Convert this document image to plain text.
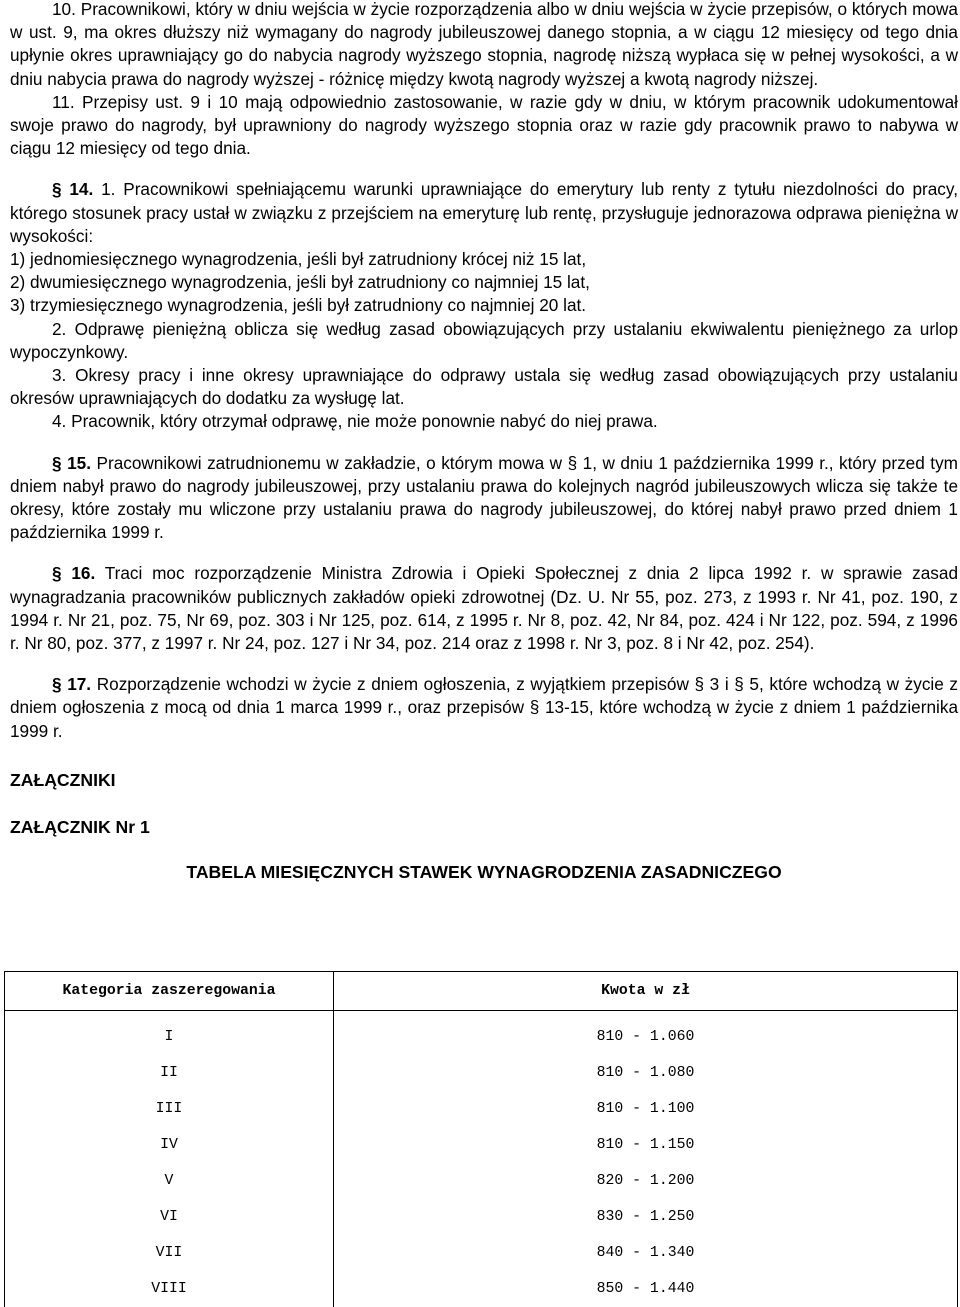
10. Pracownikowi, który w dniu wejścia w życie rozporządzenia albo w dniu wejścia w życie przepisów, o których mowa w ust. 9, ma okres dłuższy niż wymagany do nagrody jubileuszowej danego stopnia, a w ciągu 12 miesięcy od tego dnia upłynie okres uprawniający go do nabycia nagrody wyższego stopnia, nagrodę niższą wypłaca się w pełnej wysokości, a w dniu nabycia prawa do nagrody wyższej - różnicę między kwotą nagrody wyższej a kwotą nagrody niższej.

11. Przepisy ust. 9 i 10 mają odpowiednio zastosowanie, w razie gdy w dniu, w którym pracownik udokumentował swoje prawo do nagrody, był uprawniony do nagrody wyższego stopnia oraz w razie gdy pracownik prawo to nabywa w ciągu 12 miesięcy od tego dnia.

§ 14. 1. Pracownikowi spełniającemu warunki uprawniające do emerytury lub renty z tytułu niezdolności do pracy, którego stosunek pracy ustał w związku z przejściem na emeryturę lub rentę, przysługuje jednorazowa odprawa pieniężna w wysokości:

1) jednomiesięcznego wynagrodzenia, jeśli był zatrudniony krócej niż 15 lat,

2) dwumiesięcznego wynagrodzenia, jeśli był zatrudniony co najmniej 15 lat,

3) trzymiesięcznego wynagrodzenia, jeśli był zatrudniony co najmniej 20 lat.

2. Odprawę pieniężną oblicza się według zasad obowiązujących przy ustalaniu ekwiwalentu pieniężnego za urlop wypoczynkowy.

3. Okresy pracy i inne okresy uprawniające do odprawy ustala się według zasad obowiązujących przy ustalaniu okresów uprawniających do dodatku za wysługę lat.

4. Pracownik, który otrzymał odprawę, nie może ponownie nabyć do niej prawa.

§ 15. Pracownikowi zatrudnionemu w zakładzie, o którym mowa w § 1, w dniu 1 października 1999 r., który przed tym dniem nabył prawo do nagrody jubileuszowej, przy ustalaniu prawa do kolejnych nagród jubileuszowych wlicza się także te okresy, które zostały mu wliczone przy ustalaniu prawa do nagrody jubileuszowej, do której nabył prawo przed dniem 1 października 1999 r.

§ 16. Traci moc rozporządzenie Ministra Zdrowia i Opieki Społecznej z dnia 2 lipca 1992 r. w sprawie zasad wynagradzania pracowników publicznych zakładów opieki zdrowotnej (Dz. U. Nr 55, poz. 273, z 1993 r. Nr 41, poz. 190, z 1994 r. Nr 21, poz. 75, Nr 69, poz. 303 i Nr 125, poz. 614, z 1995 r. Nr 8, poz. 42, Nr 84, poz. 424 i Nr 122, poz. 594, z 1996 r. Nr 80, poz. 377, z 1997 r. Nr 24, poz. 127 i Nr 34, poz. 214 oraz z 1998 r. Nr 3, poz. 8 i Nr 42, poz. 254).

§ 17. Rozporządzenie wchodzi w życie z dniem ogłoszenia, z wyjątkiem przepisów § 3 i § 5, które wchodzą w życie z dniem ogłoszenia z mocą od dnia 1 marca 1999 r., oraz przepisów § 13-15, które wchodzą w życie z dniem 1 października 1999 r.

ZAŁĄCZNIKI

ZAŁĄCZNIK Nr 1

TABELA MIESIĘCZNYCH STAWEK WYNAGRODZENIA ZASADNICZEGO

Kategoria zaszeregowania	Kwota w zł

I	810 - 1.060
II	810 - 1.080
III	810 - 1.100
IV	810 - 1.150
V	820 - 1.200
VI	830 - 1.250
VII	840 - 1.340
VIII	850 - 1.440
